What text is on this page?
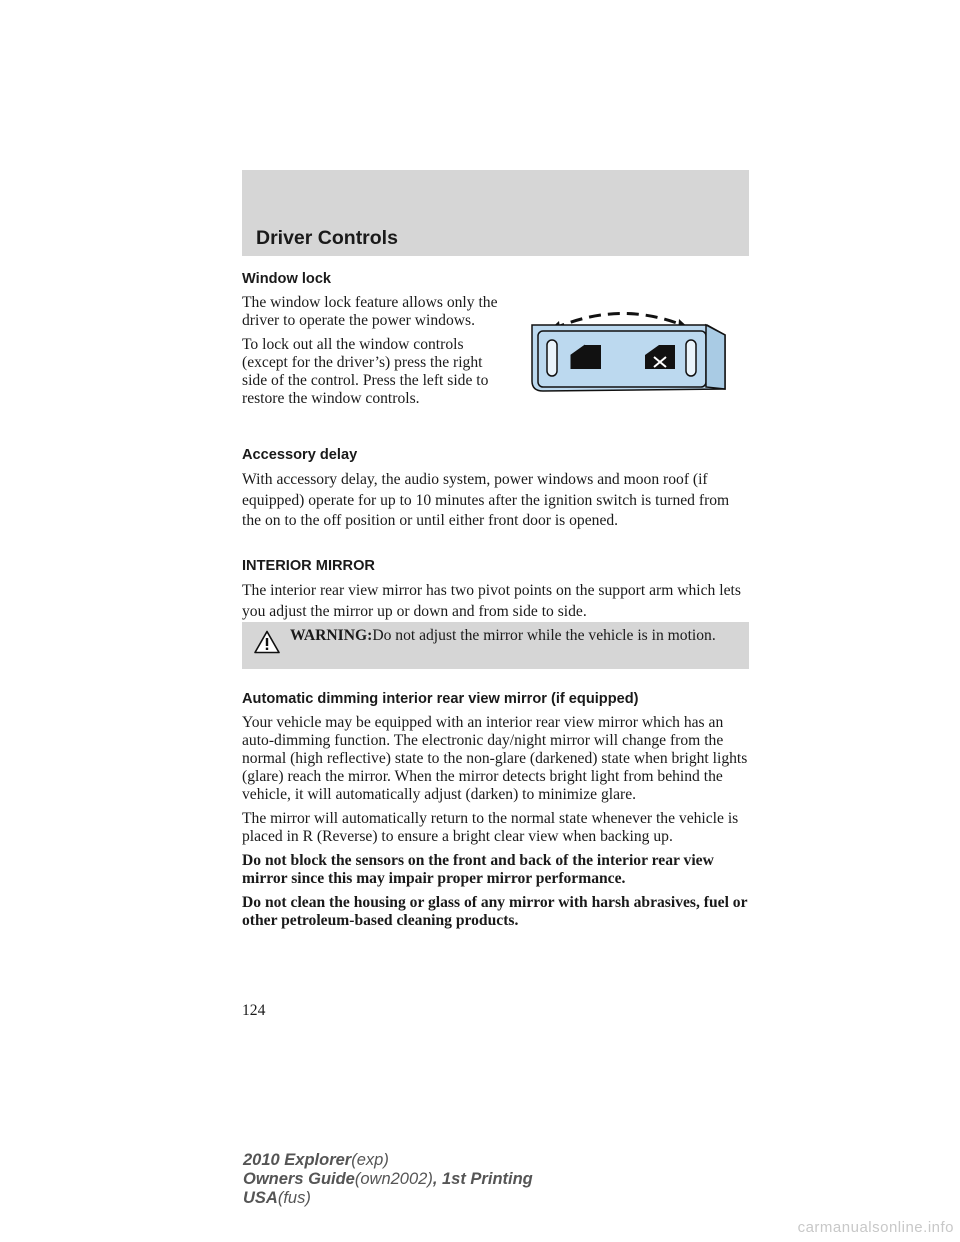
Driver Controls

Window lock

The window lock feature allows only the driver to operate the power windows.

To lock out all the window controls (except for the driver’s) press the right side of the control. Press the left side to restore the window controls.

Accessory delay

With accessory delay, the audio system, power windows and moon roof (if equipped) operate for up to 10 minutes after the ignition switch is turned from the on to the off position or until either front door is opened.

INTERIOR MIRROR

The interior rear view mirror has two pivot points on the support arm which lets you adjust the mirror up or down and from side to side.

WARNING:Do not adjust the mirror while the vehicle is in motion.

Automatic dimming interior rear view mirror (if equipped)

Your vehicle may be equipped with an interior rear view mirror which has an auto-dimming function. The electronic day/night mirror will change from the normal (high reflective) state to the non-glare (darkened) state when bright lights (glare) reach the mirror. When the mirror detects bright light from behind the vehicle, it will automatically adjust (darken) to minimize glare.

The mirror will automatically return to the normal state whenever the vehicle is placed in R (Reverse) to ensure a bright clear view when backing up.

Do not block the sensors on the front and back of the interior rear view mirror since this may impair proper mirror performance.

Do not clean the housing or glass of any mirror with harsh abrasives, fuel or other petroleum-based cleaning products.

124
2010 Explorer(exp)
Owners Guide(own2002), 1st Printing
USA(fus)
carmanualsonline.info
